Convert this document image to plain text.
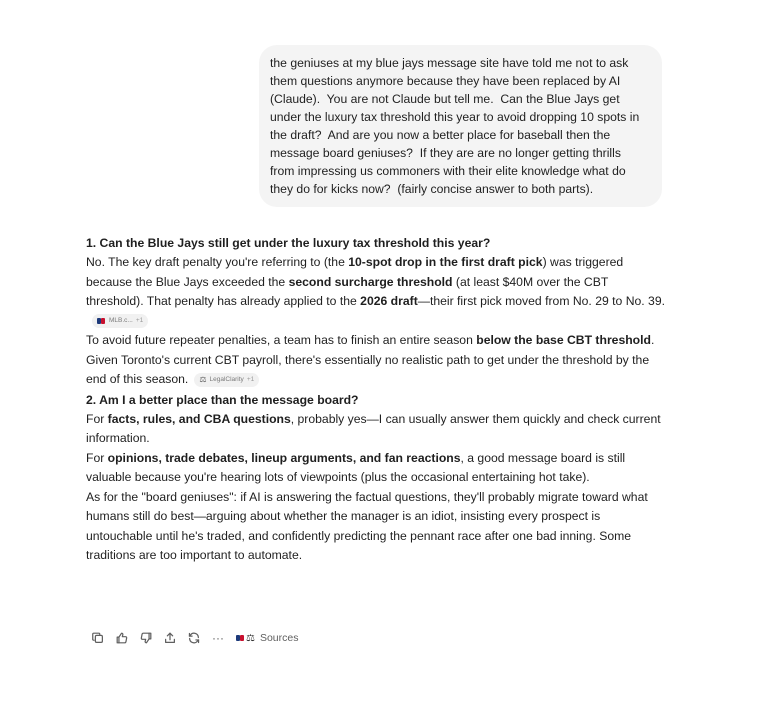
the geniuses at my blue jays message site have told me not to ask them questions anymore because they have been replaced by AI (Claude).  You are not Claude but tell me.  Can the Blue Jays get under the luxury tax threshold this year to avoid dropping 10 spots in the draft?  And are you now a better place for baseball then the message board geniuses?  If they are are no longer getting thrills from impressing us commoners with their elite knowledge what do they do for kicks now?  (fairly concise answer to both parts).
1. Can the Blue Jays still get under the luxury tax threshold this year?

No. The key draft penalty you're referring to (the 10-spot drop in the first draft pick) was triggered because the Blue Jays exceeded the second surcharge threshold (at least $40M over the CBT threshold). That penalty has already applied to the 2026 draft—their first pick moved from No. 29 to No. 39.
MLB.c... +1

To avoid future repeater penalties, a team has to finish an entire season below the base CBT threshold. Given Toronto's current CBT payroll, there's essentially no realistic path to get under the threshold by the end of this season. ⚖ LegalClarity +1

2. Am I a better place than the message board?

For facts, rules, and CBA questions, probably yes—I can usually answer them quickly and check current information.

For opinions, trade debates, lineup arguments, and fan reactions, a good message board is still valuable because you're hearing lots of viewpoints (plus the occasional entertaining hot take).

As for the "board geniuses": if AI is answering the factual questions, they'll probably migrate toward what humans still do best—arguing about whether the manager is an idiot, insisting every prospect is untouchable until he's traded, and confidently predicting the pennant race after one bad inning. Some traditions are too important to automate.

···	⚖ Sources
